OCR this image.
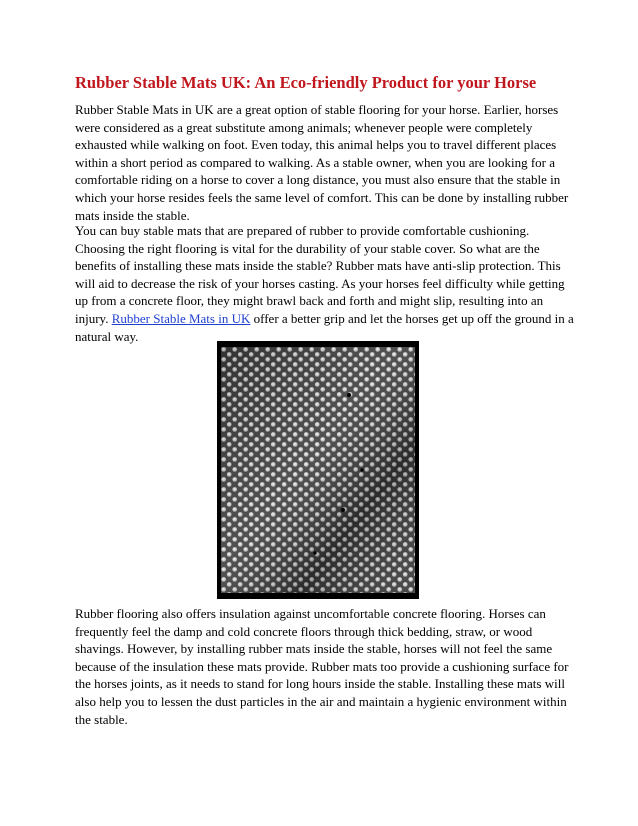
Rubber Stable Mats UK: An Eco-friendly Product for your Horse

Rubber Stable Mats in UK are a great option of stable flooring for your horse. Earlier, horses were considered as a great substitute among animals; whenever people were completely exhausted while walking on foot. Even today, this animal helps you to travel different places within a short period as compared to walking. As a stable owner, when you are looking for a comfortable riding on a horse to cover a long distance, you must also ensure that the stable in which your horse resides feels the same level of comfort. This can be done by installing rubber mats inside the stable.

You can buy stable mats that are prepared of rubber to provide comfortable cushioning. Choosing the right flooring is vital for the durability of your stable cover. So what are the benefits of installing these mats inside the stable? Rubber mats have anti-slip protection. This will aid to decrease the risk of your horses casting. As your horses feel difficulty while getting up from a concrete floor, they might brawl back and forth and might slip, resulting into an injury. Rubber Stable Mats in UK offer a better grip and let the horses get up off the ground in a natural way.

Rubber flooring also offers insulation against uncomfortable concrete flooring. Horses can frequently feel the damp and cold concrete floors through thick bedding, straw, or wood shavings. However, by installing rubber mats inside the stable, horses will not feel the same because of the insulation these mats provide. Rubber mats too provide a cushioning surface for the horses joints, as it needs to stand for long hours inside the stable. Installing these mats will also help you to lessen the dust particles in the air and maintain a hygienic environment within the stable.
